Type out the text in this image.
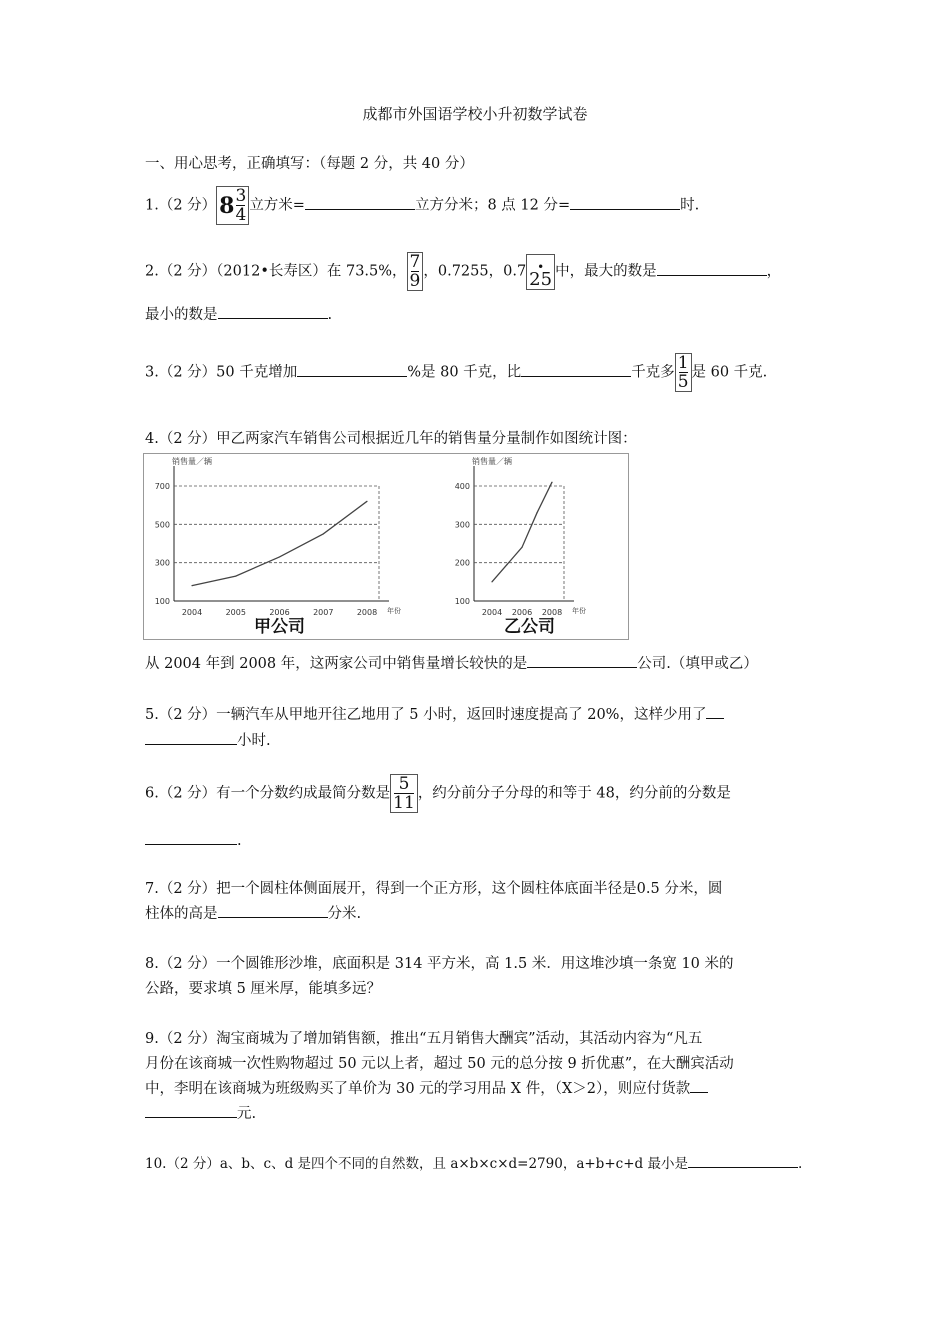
成都市外国语学校小升初数学试卷
一、用心思考，正确填写：（每题 2 分，共 40 分）
1.（2 分） $8 \frac{3}{4}$ 立方米=	立方分米；8 点 12 分=	时.
2.（2 分）（2012•长寿区）在 73.5%， $\frac{7}{9}$ ，0.7255，0.7
• 25 中，最大的数是	，
最小的数是	.
3.（2 分）50 千克增加	%是 80 千克，比	千克多 $\frac{1}{5}$ 是 60 千克.
4.（2 分）甲乙两家汽车销售公司根据近几年的销售量分量制作如图统计图：
销售量／辆
100
300
500
700
2004	2005	2006	2007	2008 年份
甲公司
销售量／辆
100
200
300
400
2004 2006 2008 年份
乙公司
从 2004 年到 2008 年，这两家公司中销售量增长较快的是	公司.（填甲或乙）
5.（2 分）一辆汽车从甲地开往乙地用了 5 小时，返回时速度提高了 20%，这样少用了
小时.
6.（2 分）有一个分数约成最简分数是 $\frac{5}{11}$ ，约分前分子分母的和等于 48，约分前的分数是
.
7.（2 分）把一个圆柱体侧面展开，得到一个正方形，这个圆柱体底面半径是0.5 分米，圆
柱体的高是	分米.
8.（2 分）一个圆锥形沙堆，底面积是 314 平方米，高 1.5 米．用这堆沙填一条宽 10 米的
公路，要求填 5 厘米厚，能填多远？
9.（2 分）淘宝商城为了增加销售额，推出“五月销售大酬宾”活动，其活动内容为“凡五
月份在该商城一次性购物超过 50 元以上者，超过 50 元的总分按 9 折优惠”，在大酬宾活动
中，李明在该商城为班级购买了单价为 30 元的学习用品 X 件，（X＞2），则应付货款
元.
10.（2 分）a、b、c、d 是四个不同的自然数，且 a×b×c×d=2790，a+b+c+d 最小是	.
